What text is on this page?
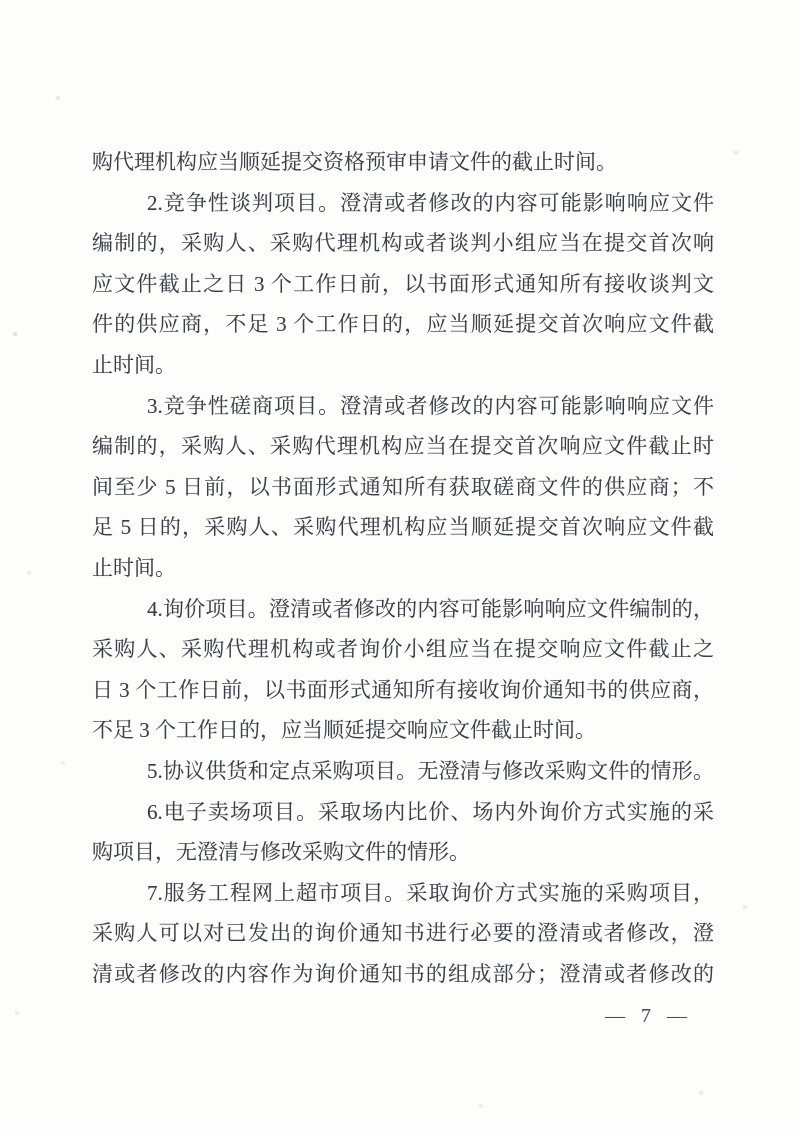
购代理机构应当顺延提交资格预审申请文件的截止时间。
2.竞争性谈判项目。澄清或者修改的内容可能影响响应文件
编制的，采购人、采购代理机构或者谈判小组应当在提交首次响
应文件截止之日 3 个工作日前，以书面形式通知所有接收谈判文
件的供应商，不足 3 个工作日的，应当顺延提交首次响应文件截
止时间。
3.竞争性磋商项目。澄清或者修改的内容可能影响响应文件
编制的，采购人、采购代理机构应当在提交首次响应文件截止时
间至少 5 日前，以书面形式通知所有获取磋商文件的供应商；不
足 5 日的，采购人、采购代理机构应当顺延提交首次响应文件截
止时间。
4.询价项目。澄清或者修改的内容可能影响响应文件编制的，
采购人、采购代理机构或者询价小组应当在提交响应文件截止之
日 3 个工作日前，以书面形式通知所有接收询价通知书的供应商，
不足 3 个工作日的，应当顺延提交响应文件截止时间。
5.协议供货和定点采购项目。无澄清与修改采购文件的情形。
6.电子卖场项目。采取场内比价、场内外询价方式实施的采
购项目，无澄清与修改采购文件的情形。
7.服务工程网上超市项目。采取询价方式实施的采购项目，
采购人可以对已发出的询价通知书进行必要的澄清或者修改，澄
清或者修改的内容作为询价通知书的组成部分；澄清或者修改的
— 7 —
